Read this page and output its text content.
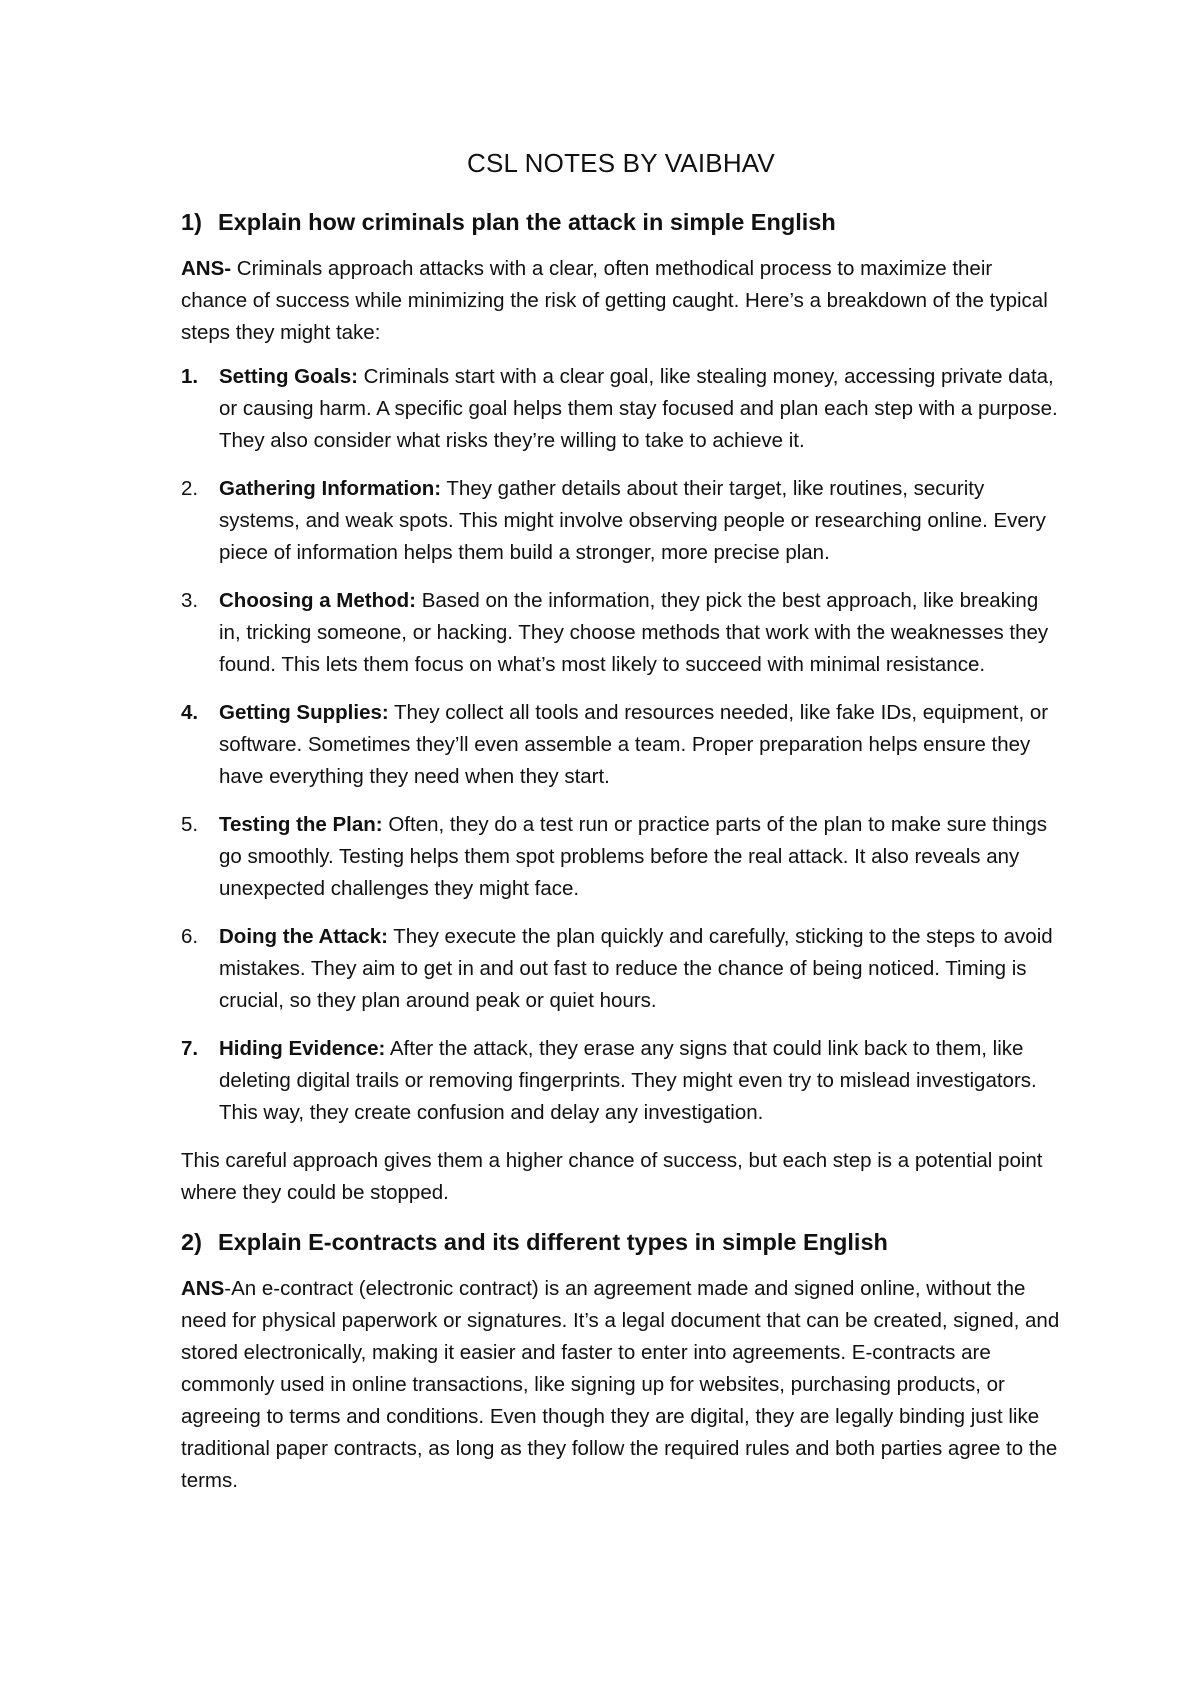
CSL NOTES BY VAIBHAV
1) Explain how criminals plan the attack in simple English

ANS- Criminals approach attacks with a clear, often methodical process to maximize their chance of success while minimizing the risk of getting caught. Here’s a breakdown of the typical steps they might take:

1.	Setting Goals: Criminals start with a clear goal, like stealing money, accessing private data, or causing harm. A specific goal helps them stay focused and plan each step with a purpose. They also consider what risks they’re willing to take to achieve it.
2.	Gathering Information: They gather details about their target, like routines, security systems, and weak spots. This might involve observing people or researching online. Every piece of information helps them build a stronger, more precise plan.
3.	Choosing a Method: Based on the information, they pick the best approach, like breaking in, tricking someone, or hacking. They choose methods that work with the weaknesses they found. This lets them focus on what’s most likely to succeed with minimal resistance.
4.	Getting Supplies: They collect all tools and resources needed, like fake IDs, equipment, or software. Sometimes they’ll even assemble a team. Proper preparation helps ensure they have everything they need when they start.
5.	Testing the Plan: Often, they do a test run or practice parts of the plan to make sure things go smoothly. Testing helps them spot problems before the real attack. It also reveals any unexpected challenges they might face.
6.	Doing the Attack: They execute the plan quickly and carefully, sticking to the steps to avoid mistakes. They aim to get in and out fast to reduce the chance of being noticed. Timing is crucial, so they plan around peak or quiet hours.
7.	Hiding Evidence: After the attack, they erase any signs that could link back to them, like deleting digital trails or removing fingerprints. They might even try to mislead investigators. This way, they create confusion and delay any investigation.

This careful approach gives them a higher chance of success, but each step is a potential point where they could be stopped.

2) Explain E-contracts and its different types in simple English

ANS-An e-contract (electronic contract) is an agreement made and signed online, without the need for physical paperwork or signatures. It’s a legal document that can be created, signed, and stored electronically, making it easier and faster to enter into agreements. E-contracts are commonly used in online transactions, like signing up for websites, purchasing products, or agreeing to terms and conditions. Even though they are digital, they are legally binding just like traditional paper contracts, as long as they follow the required rules and both parties agree to the terms.
